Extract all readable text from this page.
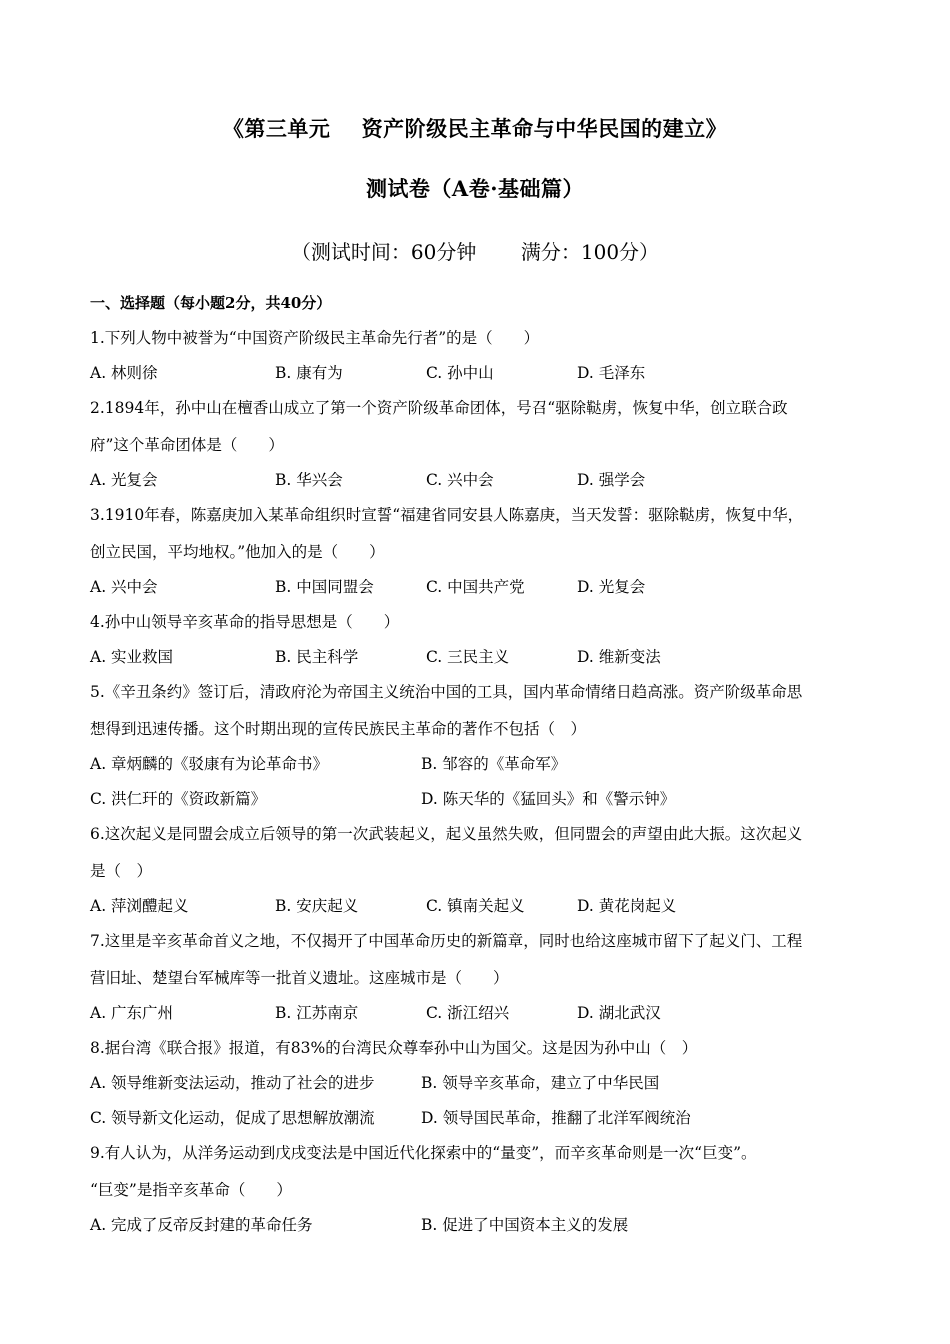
《第三单元    资产阶级民主革命与中华民国的建立》
测试卷（A卷·基础篇）
（测试时间：60分钟       满分：100分）
一、选择题（每小题2分，共40分）
1.下列人物中被誉为“中国资产阶级民主革命先行者”的是（　　）
A. 林则徐	B. 康有为	C. 孙中山	D. 毛泽东
2.1894年，孙中山在檀香山成立了第一个资产阶级革命团体，号召“驱除鞑虏，恢复中华，创立联合政
府”这个革命团体是（　　）
A. 光复会	B. 华兴会	C. 兴中会	D. 强学会
3.1910年春，陈嘉庚加入某革命组织时宣誓“福建省同安县人陈嘉庚，当天发誓：驱除鞑虏，恢复中华，
创立民国，平均地权。”他加入的是（　　）
A. 兴中会	B. 中国同盟会	C. 中国共产党	D. 光复会
4.孙中山领导辛亥革命的指导思想是（　　）
A. 实业救国	B. 民主科学	C. 三民主义	D. 维新变法
5.《辛丑条约》签订后，清政府沦为帝国主义统治中国的工具，国内革命情绪日趋高涨。资产阶级革命思
想得到迅速传播。这个时期出现的宣传民族民主革命的著作不包括（　）
A. 章炳麟的《驳康有为论革命书》	B. 邹容的《革命军》
C. 洪仁玕的《资政新篇》	D. 陈天华的《猛回头》和《警示钟》
6.这次起义是同盟会成立后领导的第一次武装起义，起义虽然失败，但同盟会的声望由此大振。这次起义
是（　）
A. 萍浏醴起义	B. 安庆起义	C. 镇南关起义	D. 黄花岗起义
7.这里是辛亥革命首义之地，不仅揭开了中国革命历史的新篇章，同时也给这座城市留下了起义门、工程
营旧址、楚望台军械库等一批首义遗址。这座城市是（　　）
A. 广东广州	B. 江苏南京	C. 浙江绍兴	D. 湖北武汉
8.据台湾《联合报》报道，有83%的台湾民众尊奉孙中山为国父。这是因为孙中山（　）
A. 领导维新变法运动，推动了社会的进步	B. 领导辛亥革命，建立了中华民国
C. 领导新文化运动，促成了思想解放潮流	D. 领导国民革命，推翻了北洋军阀统治
9.有人认为，从洋务运动到戊戌变法是中国近代化探索中的“量变”，而辛亥革命则是一次“巨变”。
“巨变”是指辛亥革命（　　）
A. 完成了反帝反封建的革命任务	B. 促进了中国资本主义的发展
